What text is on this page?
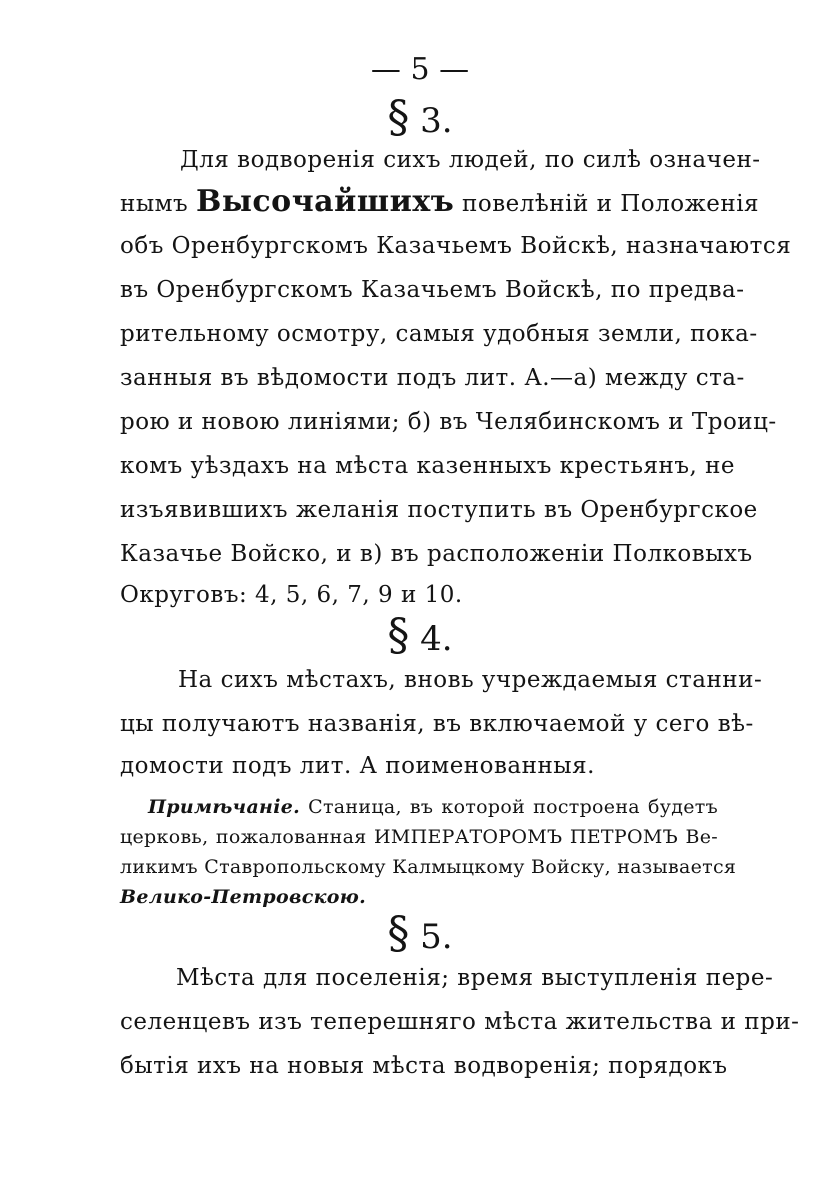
— 5 —
§ 3.
Для водворенія сихъ людей, по силѣ означен-
нымъ Высочайшихъ повелѣній и Положенія
объ Оренбургскомъ Казачьемъ Войскѣ, назначаются
въ Оренбургскомъ Казачьемъ Войскѣ, по предва-
рительному осмотру, самыя удобныя земли, пока-
занныя въ вѣдомости подъ лит. А.—а) между ста-
рою и новою линіями; б) въ Челябинскомъ и Троиц-
комъ уѣздахъ на мѣста казенныхъ крестьянъ, не
изъявившихъ желанія поступить въ Оренбургское
Казачье Войско, и в) въ расположеніи Полковыхъ
Округовъ: 4, 5, 6, 7, 9 и 10.
§ 4.
На сихъ мѣстахъ, вновь учреждаемыя станни-
цы получаютъ названія, въ включаемой у сего вѣ-
домости подъ лит. А поименованныя.
Примѣчаніе. Станица, въ которой построена будетъ
церковь, пожалованная ИМПЕРАТОРОМЪ ПЕТРОМЪ Ве-
ликимъ Ставропольскому Калмыцкому Войску, называется
Велико-Петровскою.
§ 5.
Мѣста для поселенія; время выступленія пере-
селенцевъ изъ теперешняго мѣста жительства и при-
бытія ихъ на новыя мѣста водворенія; порядокъ
